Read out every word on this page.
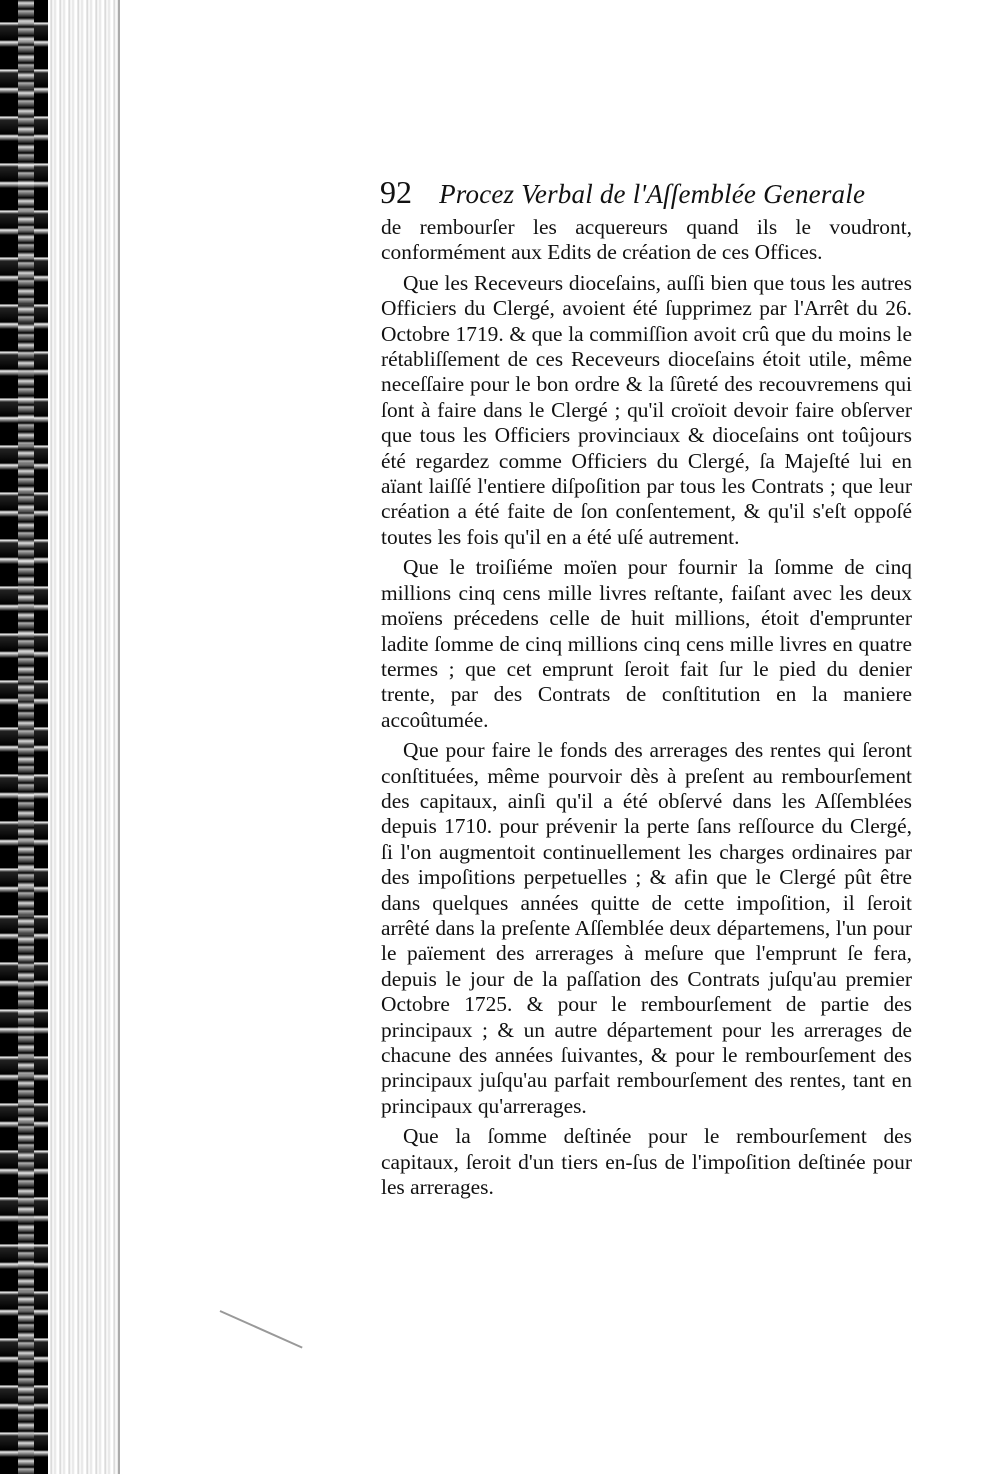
92 Procez Verbal de l'Aſſemblée Generale

de rembourſer les acquereurs quand ils le voudront, conformément aux Edits de création de ces Offices.

Que les Receveurs dioceſains, auſſi bien que tous les autres Officiers du Clergé, avoient été ſupprimez par l'Arrêt du 26. Octobre 1719. & que la commiſſion avoit crû que du moins le rétabliſſement de ces Receveurs dioceſains étoit utile, même neceſſaire pour le bon ordre & la ſûreté des recouvremens qui ſont à faire dans le Clergé ; qu'il croïoit devoir faire obſerver que tous les Officiers provinciaux & dioceſains ont toûjours été regardez comme Officiers du Clergé, ſa Majeſté lui en aïant laiſſé l'entiere diſpoſition par tous les Contrats ; que leur création a été faite de ſon conſentement, & qu'il s'eſt oppoſé toutes les fois qu'il en a été uſé autrement.

Que le troiſiéme moïen pour fournir la ſomme de cinq millions cinq cens mille livres reſtante, faiſant avec les deux moïens précedens celle de huit millions, étoit d'emprunter ladite ſomme de cinq millions cinq cens mille livres en quatre termes ; que cet emprunt ſeroit fait ſur le pied du denier trente, par des Contrats de conſtitution en la maniere accoûtumée.

Que pour faire le fonds des arrerages des rentes qui ſeront conſtituées, même pourvoir dès à preſent au rembourſement des capitaux, ainſi qu'il a été obſervé dans les Aſſemblées depuis 1710. pour prévenir la perte ſans reſſource du Clergé, ſi l'on augmentoit continuellement les charges ordinaires par des impoſitions perpetuelles ; & afin que le Clergé pût être dans quelques années quitte de cette impoſition, il ſeroit arrêté dans la preſente Aſſemblée deux départemens, l'un pour le païement des arrerages à meſure que l'emprunt ſe fera, depuis le jour de la paſſation des Contrats juſqu'au premier Octobre 1725. & pour le rembourſement de partie des principaux ; & un autre département pour les arrerages de chacune des années ſuivantes, & pour le rembourſement des principaux juſqu'au parfait rembourſement des rentes, tant en principaux qu'arrerages.

Que la ſomme deſtinée pour le rembourſement des capitaux, ſeroit d'un tiers en-ſus de l'impoſition deſtinée pour les arrerages.
